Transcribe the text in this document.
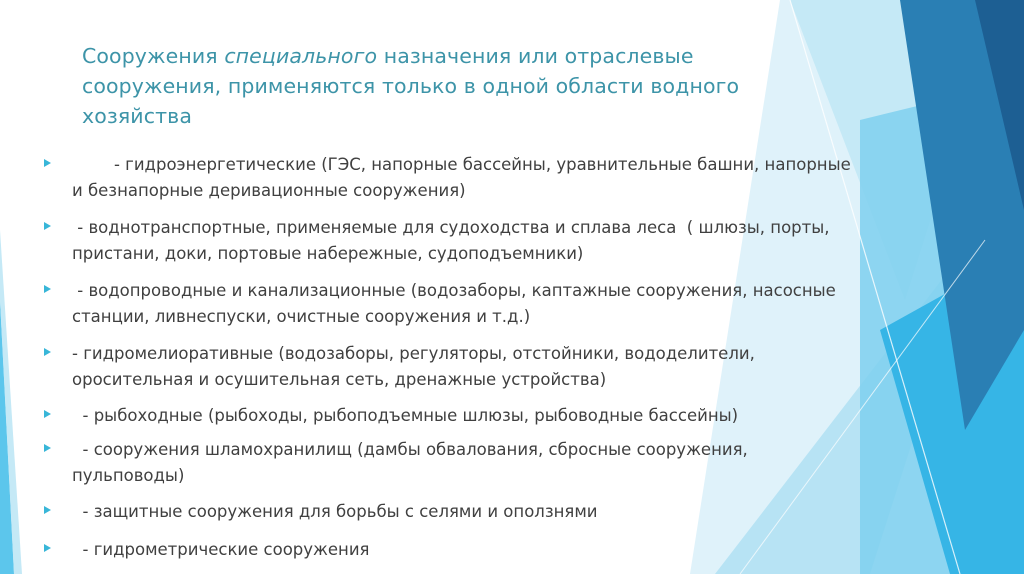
Сооружения специального назначения или отраслевые сооружения, применяются только в одной области водного хозяйства
- гидроэнергетические (ГЭС, напорные бассейны, уравнительные башни, напорные и безнапорные деривационные сооружения)
- воднотранспортные, применяемые для судоходства и сплава леса  ( шлюзы, порты, пристани, доки, портовые набережные, судоподъемники)
- водопроводные и канализационные (водозаборы, каптажные сооружения, насосные станции, ливнеспуски, очистные сооружения и т.д.)
- гидромелиоративные (водозаборы, регуляторы, отстойники, вододелители, оросительная и осушительная сеть, дренажные устройства)
- рыбоходные (рыбоходы, рыбоподъемные шлюзы, рыбоводные бассейны)
- сооружения шламохранилищ (дамбы обвалования, сбросные сооружения, пульповоды)
- защитные сооружения для борьбы с селями и оползнями
- гидрометрические сооружения
